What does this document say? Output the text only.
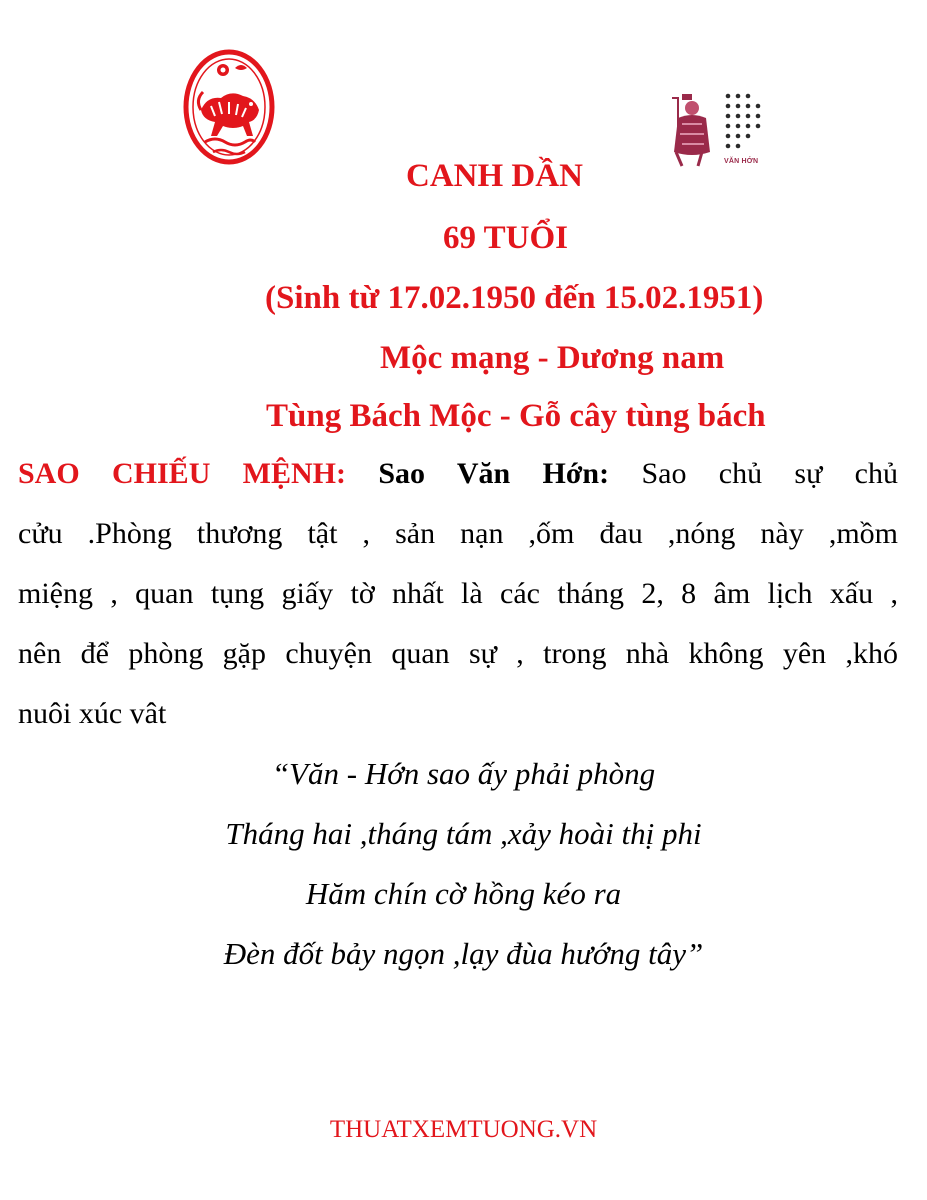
VĂN HỚN
CANH DẦN
69 TUỔI
(Sinh từ 17.02.1950 đến 15.02.1951)
Mộc mạng - Dương nam
Tùng Bách Mộc - Gỗ cây tùng bách
SAO CHIẾU MỆNH: Sao Văn Hớn: Sao chủ sự chủ
cửu .Phòng thương tật , sản nạn ,ốm đau ,nóng này ,mồm
miệng , quan tụng giấy tờ nhất là các tháng 2, 8 âm lịch xấu ,
nên để phòng gặp chuyện quan sự , trong nhà không yên ,khó
nuôi xúc vât
“Văn - Hớn sao ấy phải phòng
Tháng hai ,tháng tám ,xảy hoài thị phi
Hăm chín cờ hồng kéo ra
Đèn đốt bảy ngọn ,lạy đùa hướng tây”
THUATXEMTUONG.VN
